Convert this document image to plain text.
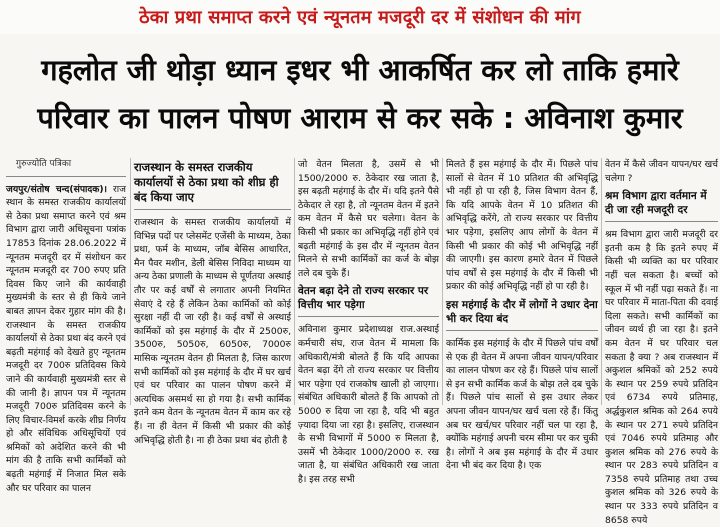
ठेका प्रथा समाप्त करने एवं न्यूनतम मजदूरी दर में संशोधन की मांग
गहलोत जी थोड़ा ध्यान इधर भी आकर्षित कर लो ताकि हमारे
परिवार का पालन पोषण आराम से कर सके : अविनाश कुमार
गुरुज्योति पत्रिका

जयपुर/संतोष चन्द(संपादक)। राज स्थान के समस्त राजकीय कार्यालयों से ठेका प्रथा समाप्त करने एवं श्रम विभाग द्वारा जारी अधिसूचना पत्रांक 17853 दिनांक 28.06.2022 में न्यूनतम मजदूरी दर में संशोधन कर न्यूनतम मजदूरी दर 700 रुपए प्रति दिवस किए जाने की कार्यवाही मुख्यमंत्री के स्तर से ही किये जाने बाबत ज्ञापन देकर गुहार मांग की है। राजस्थान के समस्त राजकीय कार्यालयों से ठेका प्रथा बंद करने एवं बढ़ती महंगाई को देखते हुए न्यूनतम मजदूरी दर 700रु प्रतिदिवस किये जाने की कार्यवाही मुख्यमंत्री स्तर से की जानी है। ज्ञापन पत्र में न्यूनतम मजदूरी 700रु प्रतिदिवस करने के लिए विचार-विमर्श करके शीघ्र निर्णय हो और संविधिक अधिसूचियों एवं श्रमिकों को अदेशित करने की भी मांग की है ताकि सभी कार्मिकों को बढ़ती महंगाई में निजात मिल सके और घर परिवार का पालन

राजस्थान के समस्त राजकीय कार्यालयों से ठेका प्रथा को शीघ्र ही बंद किया जाए

राजस्थान के समस्त राजकीय कार्यालयों में विभिन्न पदों पर प्लेसमेंट एजेंसी के माध्यम, ठेका प्रथा, फर्म के माध्यम, जॉब बेसिस आधारित, मैन पैवर मशीन, डेली बेसिस निविदा माध्यम या अन्य ठेका प्रणाली के माध्यम से पूर्णतया अस्थाई तौर पर कई वर्षों से लगातार अपनी नियमित सेवाएं दे रहे हैं लेकिन ठेका कार्मिकों को कोई सुरक्षा नहीं दी जा रही है। कई वर्षों से अस्थाई कार्मिकों को इस महंगाई के दौर में 2500रु, 3500रु, 5050रु, 6050रु, 7000रु मासिक न्यूनतम वेतन ही मिलता है, जिस कारण सभी कार्मिकों को इस महंगाई के दौर में घर खर्च एवं घर परिवार का पालन पोषण करने में अत्यधिक असमर्थ सा हो गया है। सभी कार्मिक इतने कम वेतन के न्यूनतम वेतन में काम कर रहे हैं। ना ही वेतन में किसी भी प्रकार की कोई अभिवृद्धि होती है। ना ही ठेका प्रथा बंद होती है

जो वेतन मिलता है, उसमें से भी 1500/2000 रु. ठेकेदार रख जाता है, इस बढ़ती महंगाई के दौर में। यदि इतने पैसे ठेकेदार ले रहा है, तो न्यूनतम वेतन में इतने कम वेतन में कैसे घर चलेगा। वेतन के किसी भी प्रकार का अभिवृद्धि नहीं होने एवं बढ़ती महंगाई के इस दौर में न्यूनतम वेतन मिलने से सभी कार्मिकों का कर्ज के बोझ तले दब चुके हैं।

वेतन बढ़ा देने तो राज्य सरकार पर वित्तीय भार पड़ेगा

अविनाश कुमार प्रदेशाध्यक्ष राज.अस्थाई कर्मचारी संघ, राज वेतन में मामला कि अधिकारी/मंत्री बोलते हैं कि यदि आपका वेतन बढ़ा देंगे तो राज्य सरकार पर वित्तीय भार पड़ेगा एवं राजकोष खाली हो जाएगा। संबंधित अधिकारी बोलते हैं कि आपको तो 5000 रु दिया जा रहा है, यदि भी बहुत ज़्यादा दिया जा रहा है। इसलिए, राजस्थान के सभी विभागों में 5000 रु मिलता है, उसमें भी ठेकेदार 1000/2000 रु. रख जाता है, या संबंधित अधिकारी रख जाता है। इस तरह सभी

मिलते हैं इस महंगाई के दौर में। पिछले पांच सालों से वेतन में 10 प्रतिशत की अभिवृद्धि भी नहीं हो पा रही है, जिस विभाग वेतन हैं, कि यदि आपके वेतन में 10 प्रतिशत की अभिवृद्धि करेंगे, तो राज्य सरकार पर वित्तीय भार पड़ेगा, इसलिए आप लोगों के वेतन में किसी भी प्रकार की कोई भी अभिवृद्धि नहीं की जाएगी। इस कारण हमारे वेतन में पिछले पांच वर्षों से इस महंगाई के दौर में किसी भी प्रकार की कोई अभिवृद्धि नहीं हो पा रही है।

इस महंगाई के दौर में लोगों ने उधार देना भी कर दिया बंद

कार्मिक इस महंगाई के दौर में पिछले पांच वर्षों से एक ही वेतन में अपना जीवन यापन/परिवार का लालन पोषण कर रहे हैं। पिछले पांच सालों से इन सभी कार्मिक कर्ज के बोझ तले दब चुके हैं। पिछले पांच सालों से इस उधार लेकर अपना जीवन यापन/घर खर्च चला रहे हैं। किंतु अब घर खर्च/घर परिवार नहीं चल पा रहा है, क्योंकि महंगाई अपनी चरम सीमा पर कर चुकी है। लोगों ने अब इस महंगाई के दौर में उधार देना भी बंद कर दिया है। एक

वेतन में कैसे जीवन यापन/घर खर्च चलेगा ?

श्रम विभाग द्वारा वर्तमान में दी जा रही मजदूरी दर

श्रम विभाग द्वारा जारी मजदूरी दर इतनी कम है कि इतने रुपए में किसी भी व्यक्ति का घर परिवार नहीं चल सकता है। बच्चों को स्कूल में भी नहीं पढ़ा सकते हैं। ना घर परिवार में माता-पिता की दवाई दिला सकते। सभी कार्मिकों का जीवन व्यर्थ ही जा रहा है। इतने कम वेतन में घर परिवार चल सकता है क्या ? अब राजस्थान में अकुशल श्रमिकों को 252 रुपये के स्थान पर 259 रुपये प्रतिदिन एवं 6734 रुपये प्रतिमाह, अर्द्धकुशल श्रमिक को 264 रुपये के स्थान पर 271 रुपये प्रतिदिन एवं 7046 रुपये प्रतिमाह और कुशल श्रमिक को 276 रुपये के स्थान पर 283 रुपये प्रतिदिन व 7358 रुपये प्रतिमाह तथा उच्च कुशल श्रमिक को 326 रुपये के स्थान पर 333 रुपये प्रतिदिन व 8658 रुपये
